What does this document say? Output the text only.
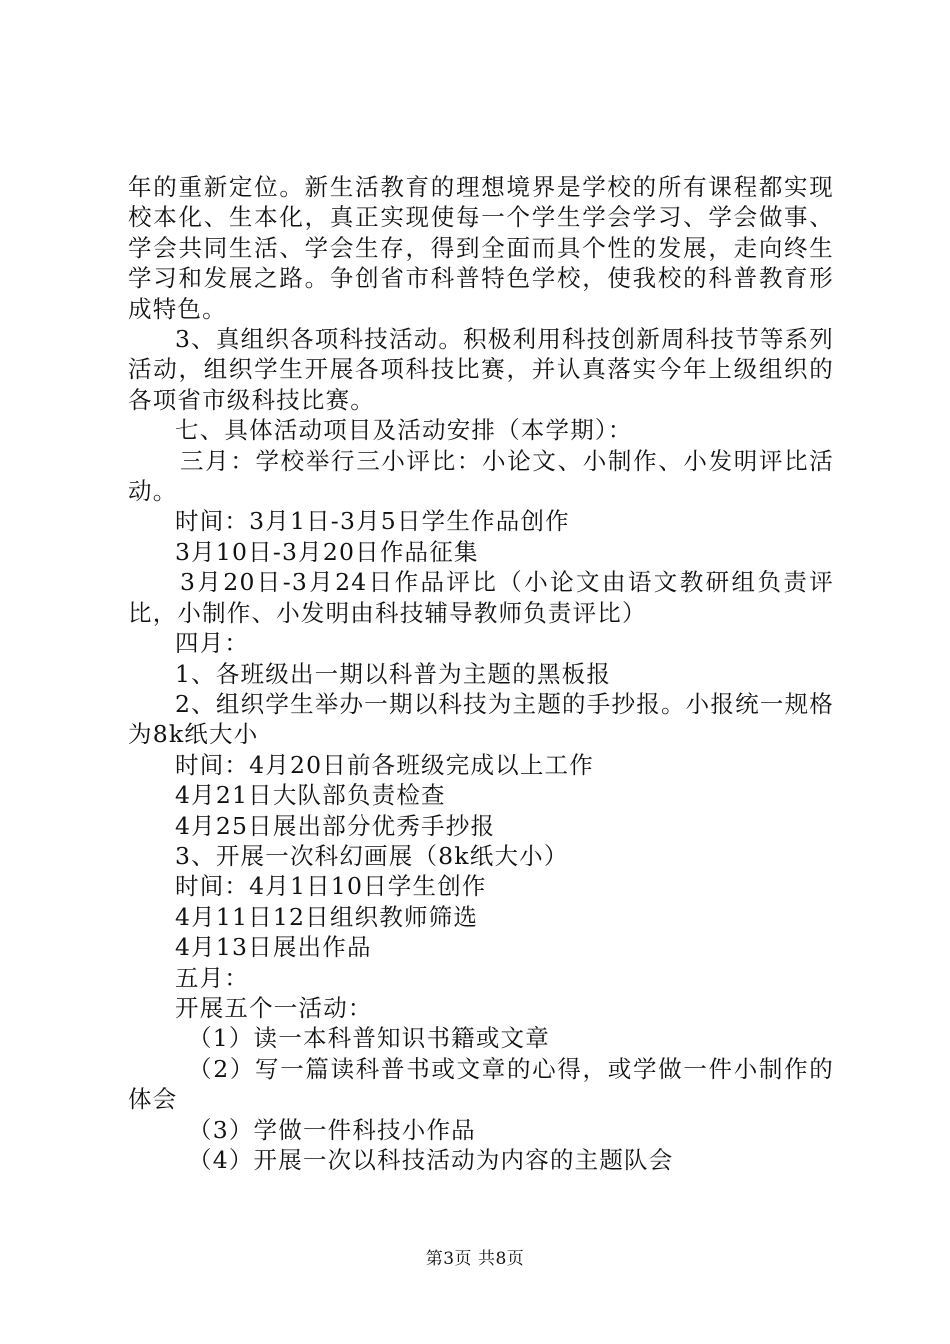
年的重新定位。新生活教育的理想境界是学校的所有课程都实现校本化、生本化，真正实现使每一个学生学会学习、学会做事、学会共同生活、学会生存，得到全面而具个性的发展，走向终生学习和发展之路。争创省市科普特色学校，使我校的科普教育形成特色。

3、真组织各项科技活动。积极利用科技创新周科技节等系列活动，组织学生开展各项科技比赛，并认真落实今年上级组织的各项省市级科技比赛。

七、具体活动项目及活动安排（本学期）：

三月：学校举行三小评比：小论文、小制作、小发明评比活动。

时间：3月1日-3月5日学生作品创作

3月10日-3月20日作品征集

3月20日-3月24日作品评比（小论文由语文教研组负责评比，小制作、小发明由科技辅导教师负责评比）

四月：

1、各班级出一期以科普为主题的黑板报

2、组织学生举办一期以科技为主题的手抄报。小报统一规格为8k纸大小

时间：4月20日前各班级完成以上工作

4月21日大队部负责检查

4月25日展出部分优秀手抄报

3、开展一次科幻画展（8k纸大小）

时间：4月1日10日学生创作

4月11日12日组织教师筛选

4月13日展出作品

五月：

开展五个一活动：

（1）读一本科普知识书籍或文章

（2）写一篇读科普书或文章的心得，或学做一件小制作的体会

（3）学做一件科技小作品

（4）开展一次以科技活动为内容的主题队会

第3页 共8页
